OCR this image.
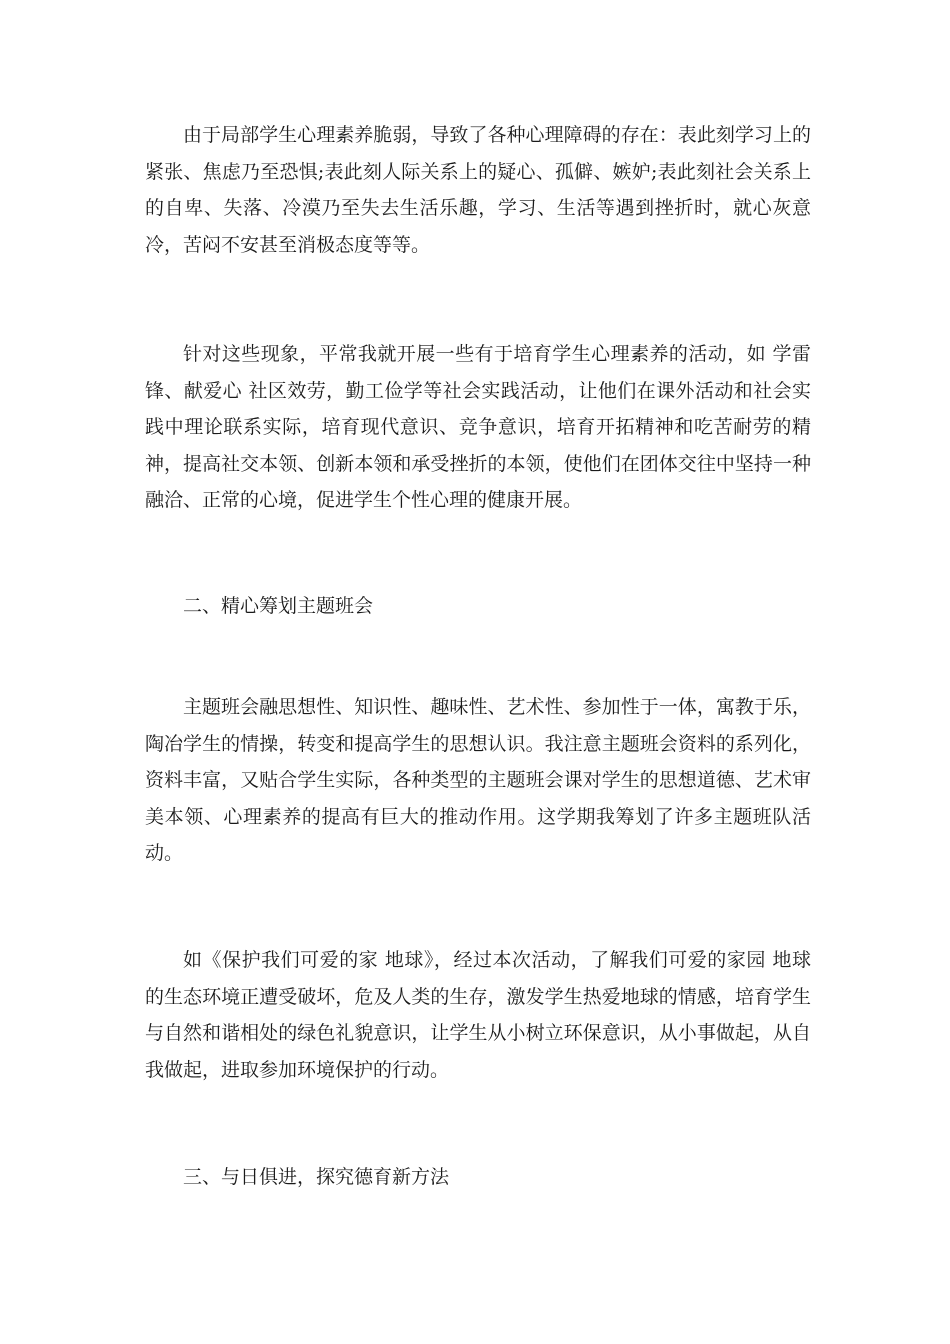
由于局部学生心理素养脆弱，导致了各种心理障碍的存在：表此刻学习上的紧张、焦虑乃至恐惧;表此刻人际关系上的疑心、孤僻、嫉妒;表此刻社会关系上的自卑、失落、冷漠乃至失去生活乐趣，学习、生活等遇到挫折时，就心灰意冷，苦闷不安甚至消极态度等等。

针对这些现象，平常我就开展一些有于培育学生心理素养的活动，如 学雷锋、献爱心 社区效劳，勤工俭学等社会实践活动，让他们在课外活动和社会实践中理论联系实际，培育现代意识、竞争意识，培育开拓精神和吃苦耐劳的精神，提高社交本领、创新本领和承受挫折的本领，使他们在团体交往中坚持一种融洽、正常的心境，促进学生个性心理的健康开展。

二、精心筹划主题班会

主题班会融思想性、知识性、趣味性、艺术性、参加性于一体，寓教于乐，陶冶学生的情操，转变和提高学生的思想认识。我注意主题班会资料的系列化，资料丰富，又贴合学生实际，各种类型的主题班会课对学生的思想道德、艺术审美本领、心理素养的提高有巨大的推动作用。这学期我筹划了许多主题班队活动。

如《保护我们可爱的家 地球》，经过本次活动，了解我们可爱的家园 地球的生态环境正遭受破坏，危及人类的生存，激发学生热爱地球的情感，培育学生与自然和谐相处的绿色礼貌意识，让学生从小树立环保意识，从小事做起，从自我做起，进取参加环境保护的行动。

三、与日俱进，探究德育新方法
